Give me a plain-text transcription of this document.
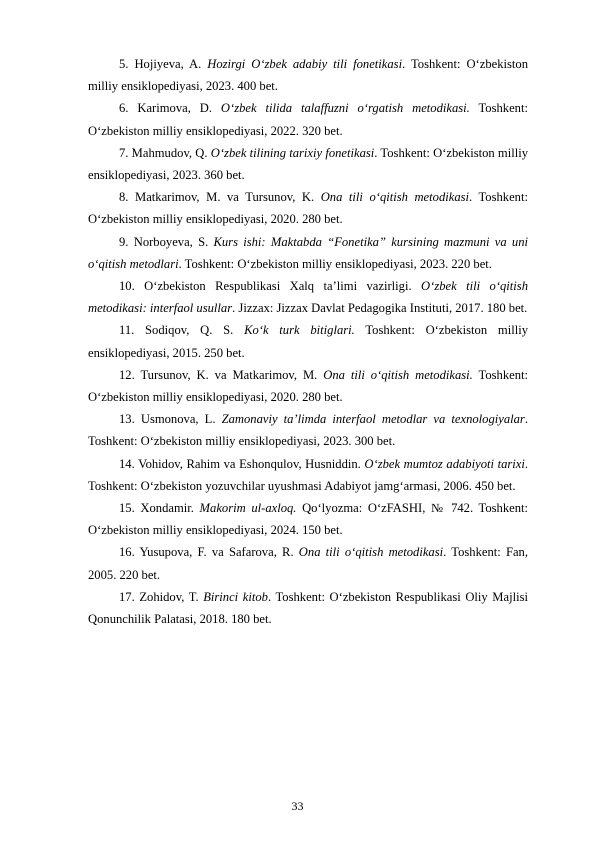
5. Hojiyeva, A. Hozirgi O‘zbek adabiy tili fonetikasi. Toshkent: O‘zbekiston milliy ensiklopediyasi, 2023. 400 bet.

6. Karimova, D. O‘zbek tilida talaffuzni o‘rgatish metodikasi. Toshkent: O‘zbekiston milliy ensiklopediyasi, 2022. 320 bet.

7. Mahmudov, Q. O‘zbek tilining tarixiy fonetikasi. Toshkent: O‘zbekiston milliy ensiklopediyasi, 2023. 360 bet.

8. Matkarimov, M. va Tursunov, K. Ona tili o‘qitish metodikasi. Toshkent: O‘zbekiston milliy ensiklopediyasi, 2020. 280 bet.

9. Norboyeva, S. Kurs ishi: Maktabda “Fonetika” kursining mazmuni va uni o‘qitish metodlari. Toshkent: O‘zbekiston milliy ensiklopediyasi, 2023. 220 bet.

10. O‘zbekiston Respublikasi Xalq ta’limi vazirligi. O‘zbek tili o‘qitish metodikasi: interfaol usullar. Jizzax: Jizzax Davlat Pedagogika Instituti, 2017. 180 bet.

11. Sodiqov, Q. S. Ko‘k turk bitiglari. Toshkent: O‘zbekiston milliy ensiklopediyasi, 2015. 250 bet.

12. Tursunov, K. va Matkarimov, M. Ona tili o‘qitish metodikasi. Toshkent: O‘zbekiston milliy ensiklopediyasi, 2020. 280 bet.

13. Usmonova, L. Zamonaviy ta’limda interfaol metodlar va texnologiyalar. Toshkent: O‘zbekiston milliy ensiklopediyasi, 2023. 300 bet.

14. Vohidov, Rahim va Eshonqulov, Husniddin. O‘zbek mumtoz adabiyoti tarixi. Toshkent: O‘zbekiston yozuvchilar uyushmasi Adabiyot jamg‘armasi, 2006. 450 bet.

15. Xondamir. Makorim ul-axloq. Qo‘lyozma: O‘zFASHI, № 742. Toshkent: O‘zbekiston milliy ensiklopediyasi, 2024. 150 bet.

16. Yusupova, F. va Safarova, R. Ona tili o‘qitish metodikasi. Toshkent: Fan, 2005. 220 bet.

17. Zohidov, T. Birinci kitob. Toshkent: O‘zbekiston Respublikasi Oliy Majlisi Qonunchilik Palatasi, 2018. 180 bet.

33
